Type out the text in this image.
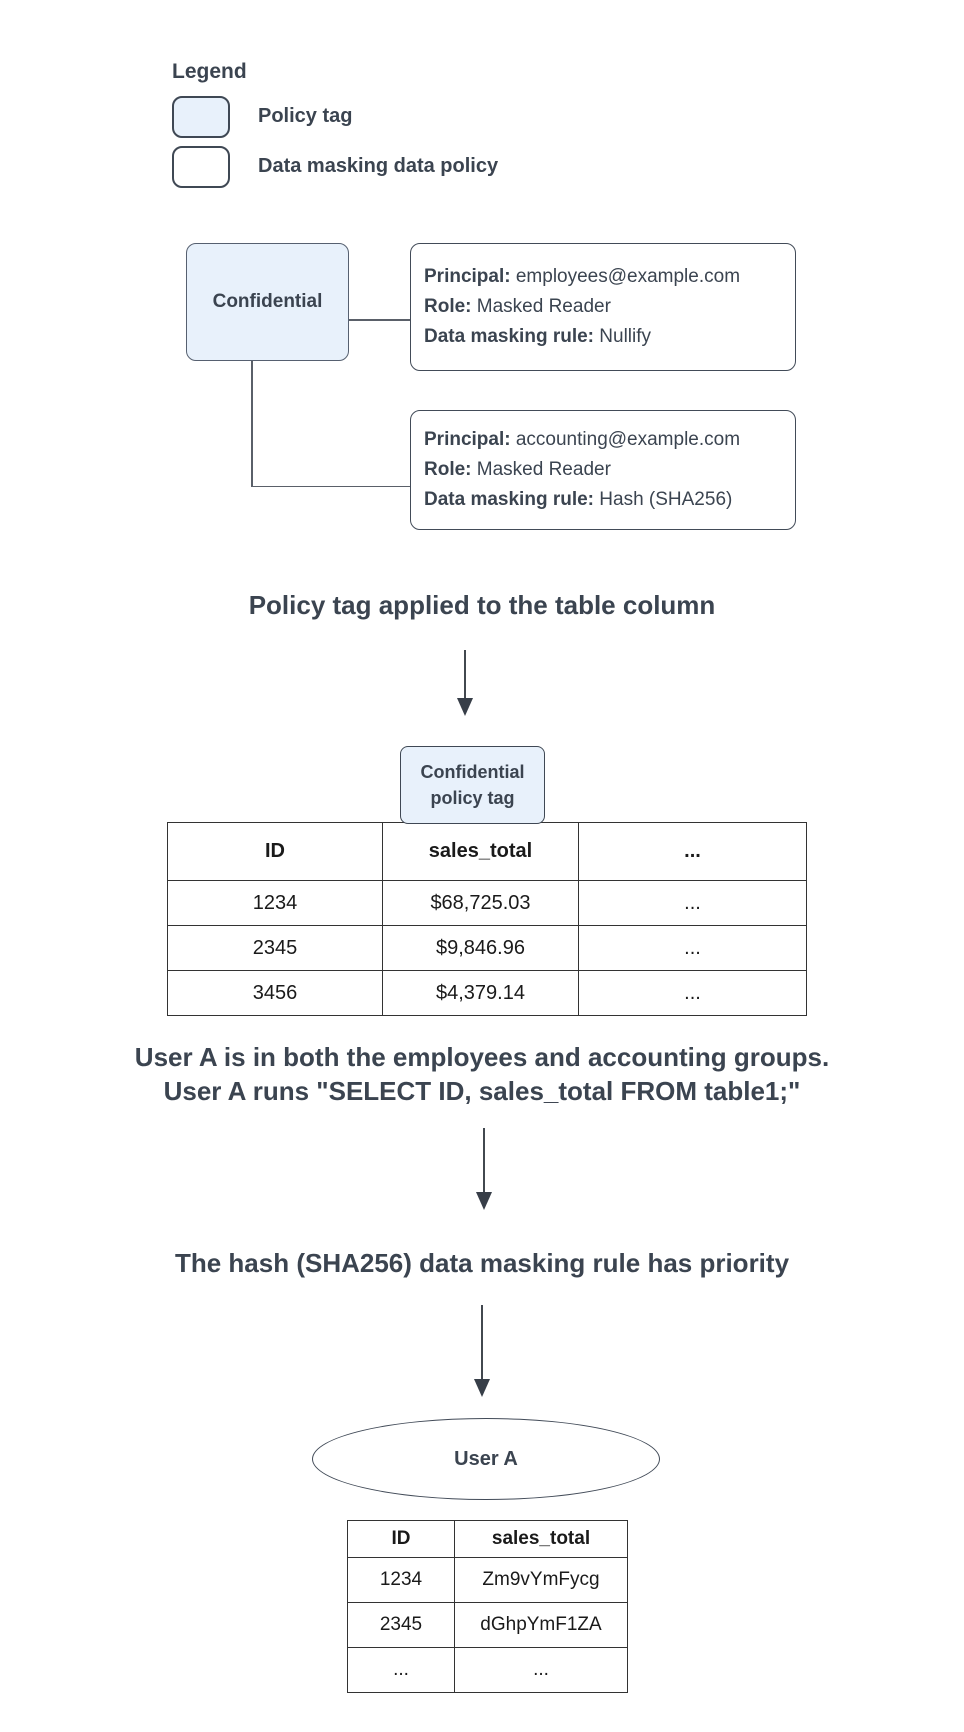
Legend
Policy tag
Data masking data policy
Confidential
Principal: employees@example.com
Role: Masked Reader
Data masking rule: Nullify
Principal: accounting@example.com
Role: Masked Reader
Data masking rule: Hash (SHA256)
Policy tag applied to the table column
Confidential policy tag
ID	sales_total	...
1234	$68,725.03	...
2345	$9,846.96	...
3456	$4,379.14	...
User A is in both the employees and accounting groups.
User A runs "SELECT ID, sales_total FROM table1;"
The hash (SHA256) data masking rule has priority
User A
ID	sales_total
1234	Zm9vYmFycg
2345	dGhpYmF1ZA
...	...
